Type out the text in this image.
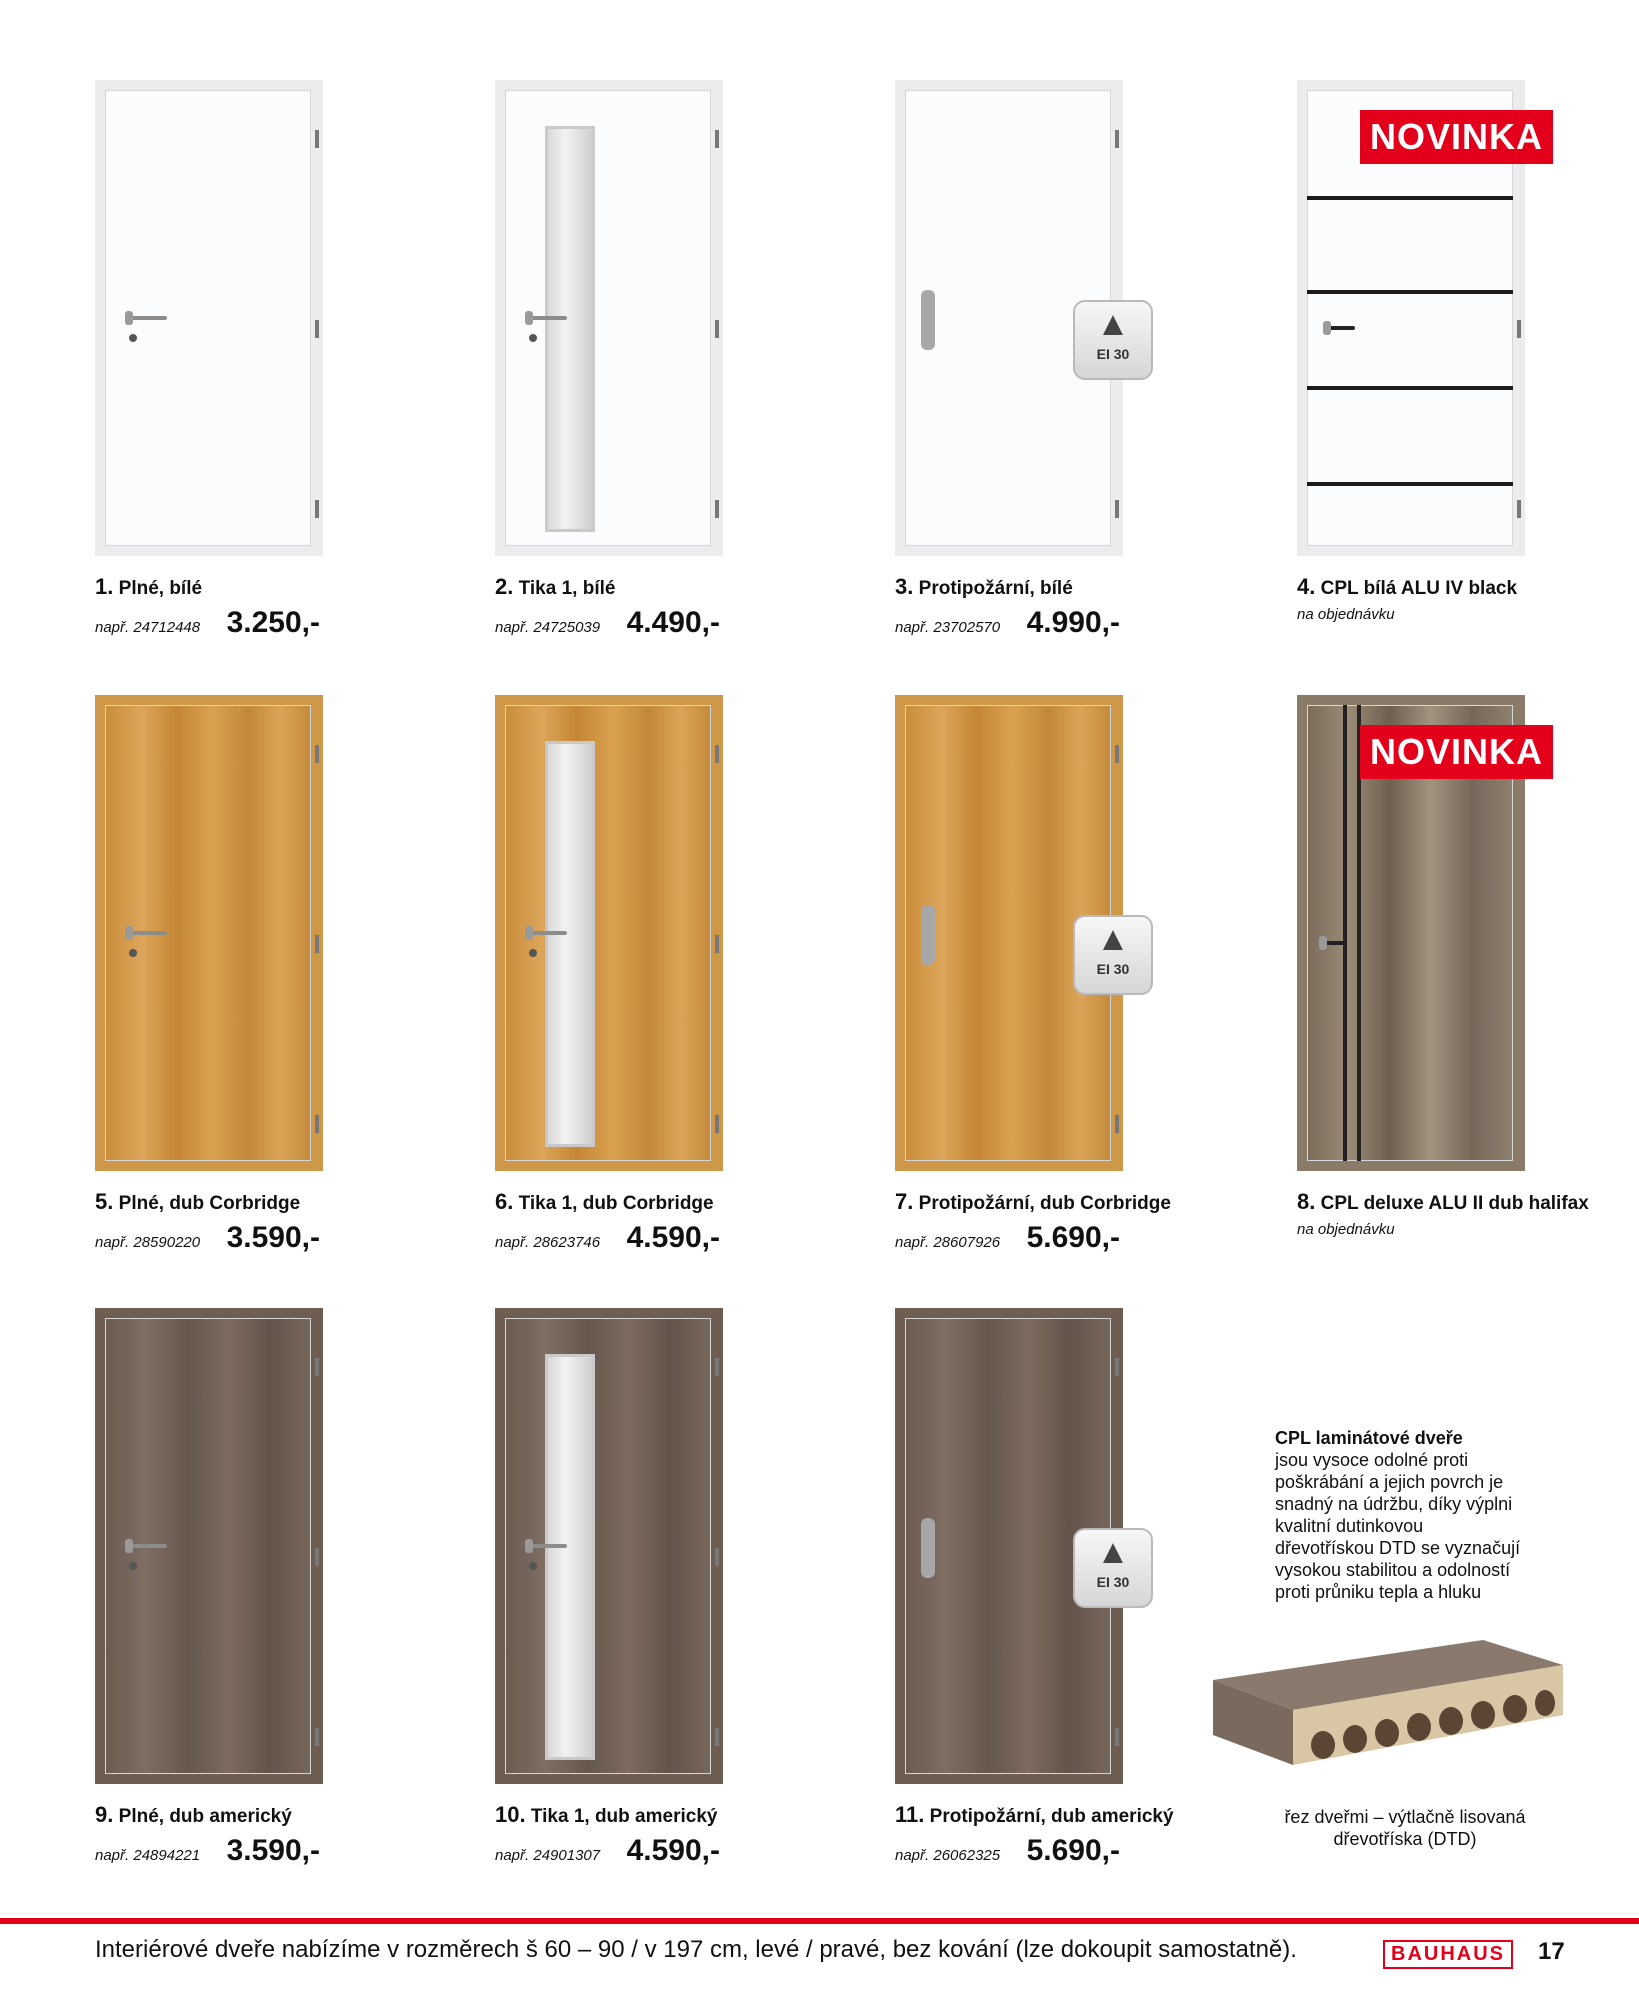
1. Plné, bílé
např. 24712448 3.250,-
2. Tika 1, bílé
např. 24725039 4.490,-
▲
EI 30
3. Protipožární, bílé
např. 23702570 4.990,-
NOVINKA
4. CPL bílá ALU IV black
na objednávku
5. Plné, dub Corbridge
např. 28590220 3.590,-
6. Tika 1, dub Corbridge
např. 28623746 4.590,-
▲
EI 30
7. Protipožární, dub Corbridge
např. 28607926 5.690,-
NOVINKA
8. CPL deluxe ALU II dub halifax
na objednávku
9. Plné, dub americký
např. 24894221 3.590,-
10. Tika 1, dub americký
např. 24901307 4.590,-
▲
EI 30
11. Protipožární, dub americký
např. 26062325 5.690,-
CPL laminátové dveře
jsou vysoce odolné proti poškrábání a jejich povrch je snadný na údržbu, díky výplni kvalitní dutinkovou dřevotřískou DTD se vyznačují vysokou stabilitou a odolností proti průniku tepla a hluku
řez dveřmi – výtlačně lisovaná dřevotříska (DTD)
Interiérové dveře nabízíme v rozměrech š 60 – 90 / v 197 cm, levé / pravé, bez kování (lze dokoupit samostatně).	BAUHAUS	17
